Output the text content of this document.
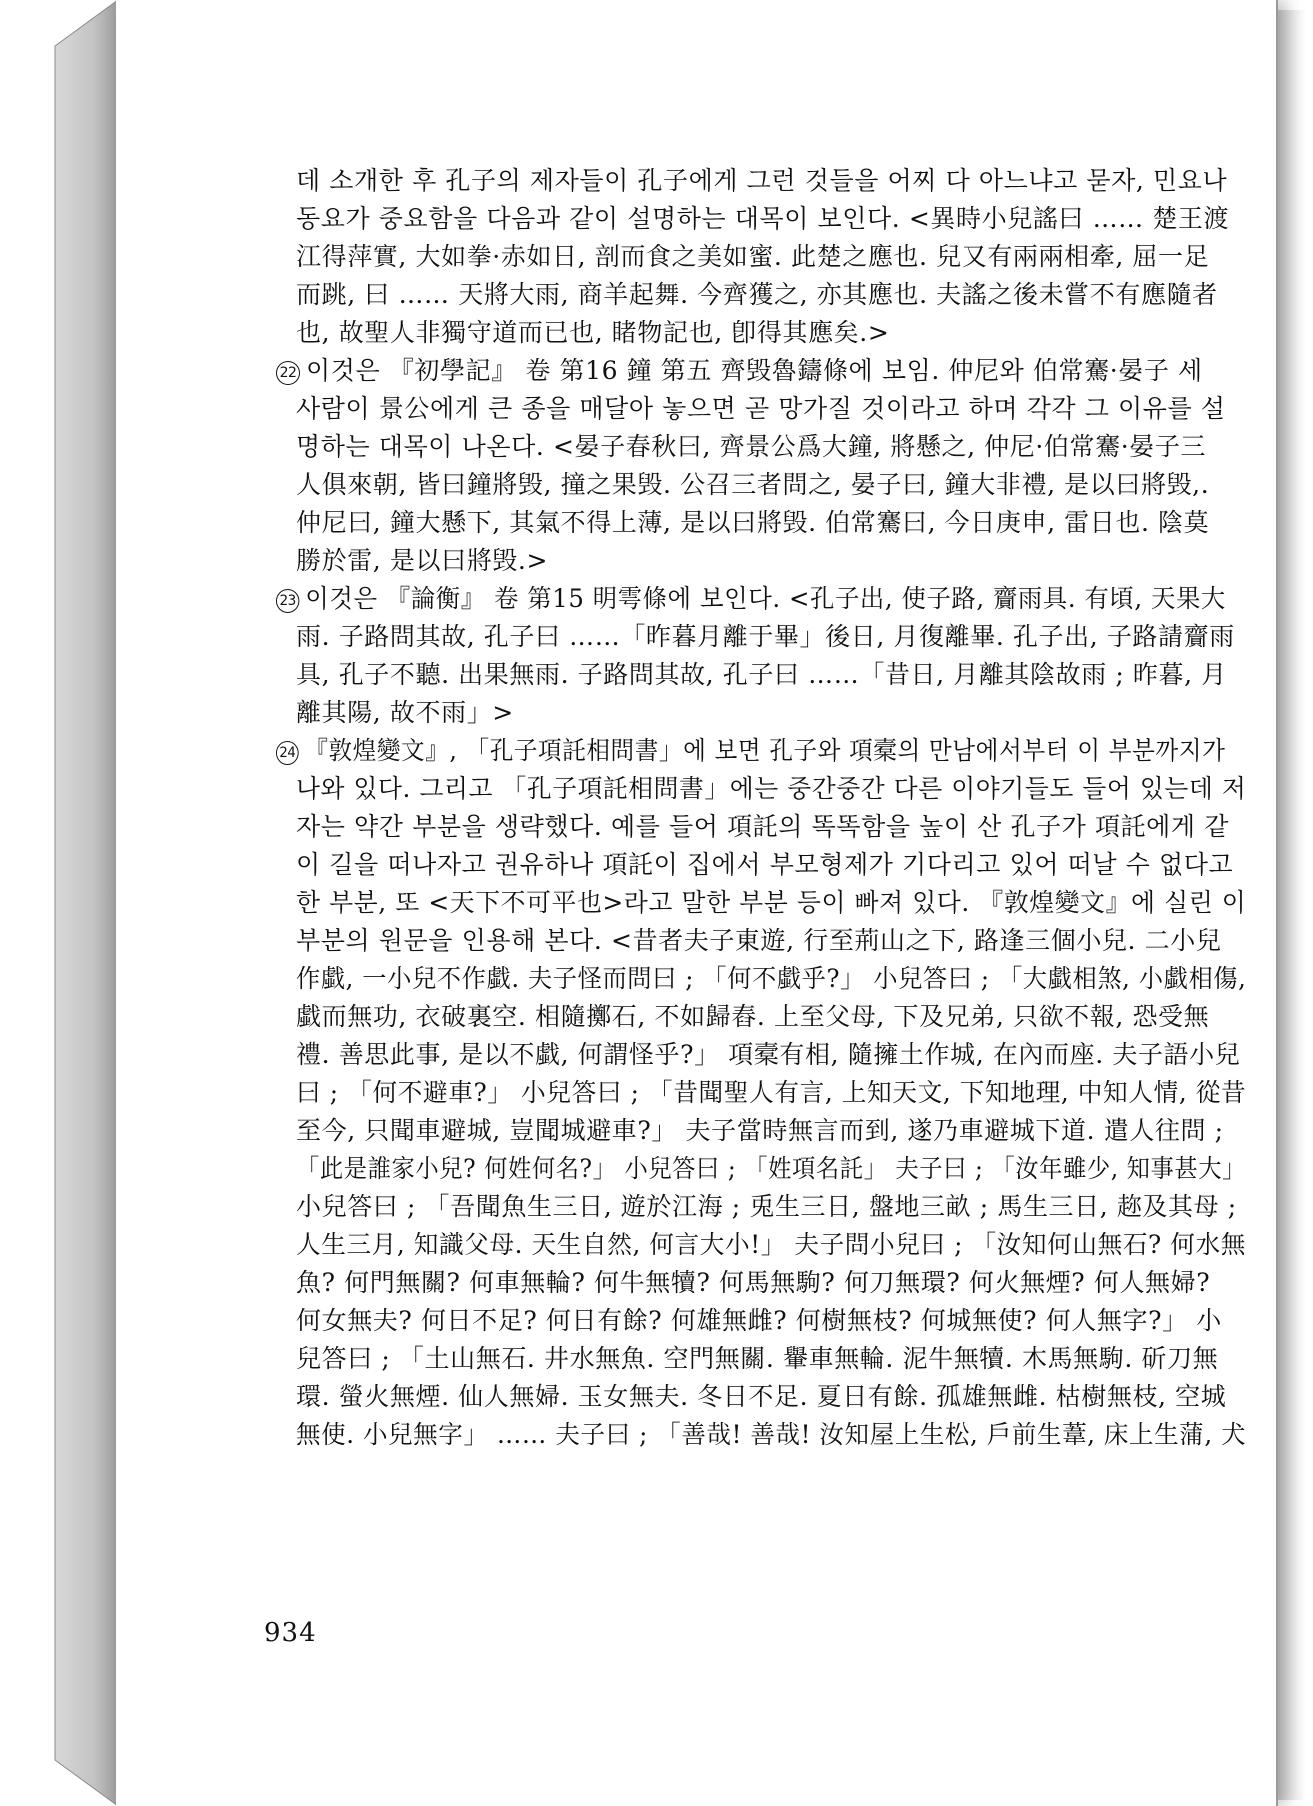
데 소개한 후 孔子의 제자들이 孔子에게 그런 것들을 어찌 다 아느냐고 묻자, 민요나
동요가 중요함을 다음과 같이 설명하는 대목이 보인다. <異時小兒謠曰 …… 楚王渡
江得萍實, 大如拳·赤如日, 剖而食之美如蜜. 此楚之應也. 兒又有兩兩相牽, 屈一足
而跳, 曰 …… 天將大雨, 商羊起舞. 今齊獲之, 亦其應也. 夫謠之後未嘗不有應隨者
也, 故聖人非獨守道而已也, 睹物記也, 卽得其應矣.>
22 이것은 『初學記』 卷 第16 鐘 第五 齊毁魯鑄條에 보임. 仲尼와 伯常騫·晏子 세
사람이 景公에게 큰 종을 매달아 놓으면 곧 망가질 것이라고 하며 각각 그 이유를 설
명하는 대목이 나온다. <晏子春秋曰, 齊景公爲大鐘, 將懸之, 仲尼·伯常騫·晏子三
人俱來朝, 皆曰鐘將毁, 撞之果毁. 公召三者問之, 晏子曰, 鐘大非禮, 是以曰將毁,.
仲尼曰, 鐘大懸下, 其氣不得上薄, 是以曰將毁. 伯常騫曰, 今日庚申, 雷日也. 陰莫
勝於雷, 是以曰將毁.>
23 이것은 『論衡』 卷 第15 明雩條에 보인다. <孔子出, 使子路, 齎雨具. 有頃, 天果大
雨. 子路問其故, 孔子曰 ……「昨暮月離于畢」後日, 月復離畢. 孔子出, 子路請齎雨
具, 孔子不聽. 出果無雨. 子路問其故, 孔子曰 ……「昔日, 月離其陰故雨 ; 昨暮, 月
離其陽, 故不雨」>
24 『敦煌變文』, 「孔子項託相問書」에 보면 孔子와 項槖의 만남에서부터 이 부분까지가
나와 있다. 그리고 「孔子項託相問書」에는 중간중간 다른 이야기들도 들어 있는데 저
자는 약간 부분을 생략했다. 예를 들어 項託의 똑똑함을 높이 산 孔子가 項託에게 같
이 길을 떠나자고 권유하나 項託이 집에서 부모형제가 기다리고 있어 떠날 수 없다고
한 부분, 또 <天下不可平也>라고 말한 부분 등이 빠져 있다. 『敦煌變文』에 실린 이
부분의 원문을 인용해 본다. <昔者夫子東遊, 行至荊山之下, 路逢三個小兒. 二小兒
作戱, 一小兒不作戱. 夫子怪而問曰 ; 「何不戱乎?」 小兒答曰 ; 「大戱相煞, 小戱相傷,
戱而無功, 衣破裏空. 相隨擲石, 不如歸舂. 上至父母, 下及兄弟, 只欲不報, 恐受無
禮. 善思此事, 是以不戱, 何謂怪乎?」 項槖有相, 隨擁土作城, 在內而座. 夫子語小兒
曰 ; 「何不避車?」 小兒答曰 ; 「昔聞聖人有言, 上知天文, 下知地理, 中知人情, 從昔
至今, 只聞車避城, 豈聞城避車?」 夫子當時無言而到, 遂乃車避城下道. 遣人往問 ;
「此是誰家小兒? 何姓何名?」 小兒答曰 ; 「姓項名託」 夫子曰 ; 「汝年雖少, 知事甚大」
小兒答曰 ; 「吾聞魚生三日, 遊於江海 ; 兎生三日, 盤地三畝 ; 馬生三日, 趂及其母 ;
人生三月, 知識父母. 天生自然, 何言大小!」 夫子問小兒曰 ; 「汝知何山無石? 何水無
魚? 何門無關? 何車無輪? 何牛無犢? 何馬無駒? 何刀無環? 何火無煙? 何人無婦?
何女無夫? 何日不足? 何日有餘? 何雄無雌? 何樹無枝? 何城無使? 何人無字?」 小
兒答曰 ; 「土山無石. 井水無魚. 空門無關. 轝車無輪. 泥牛無犢. 木馬無駒. 斫刀無
環. 螢火無煙. 仙人無婦. 玉女無夫. 冬日不足. 夏日有餘. 孤雄無雌. 枯樹無枝, 空城
無使. 小兒無字」 …… 夫子曰 ; 「善哉! 善哉! 汝知屋上生松, 戶前生葦, 床上生蒲, 犬
934
